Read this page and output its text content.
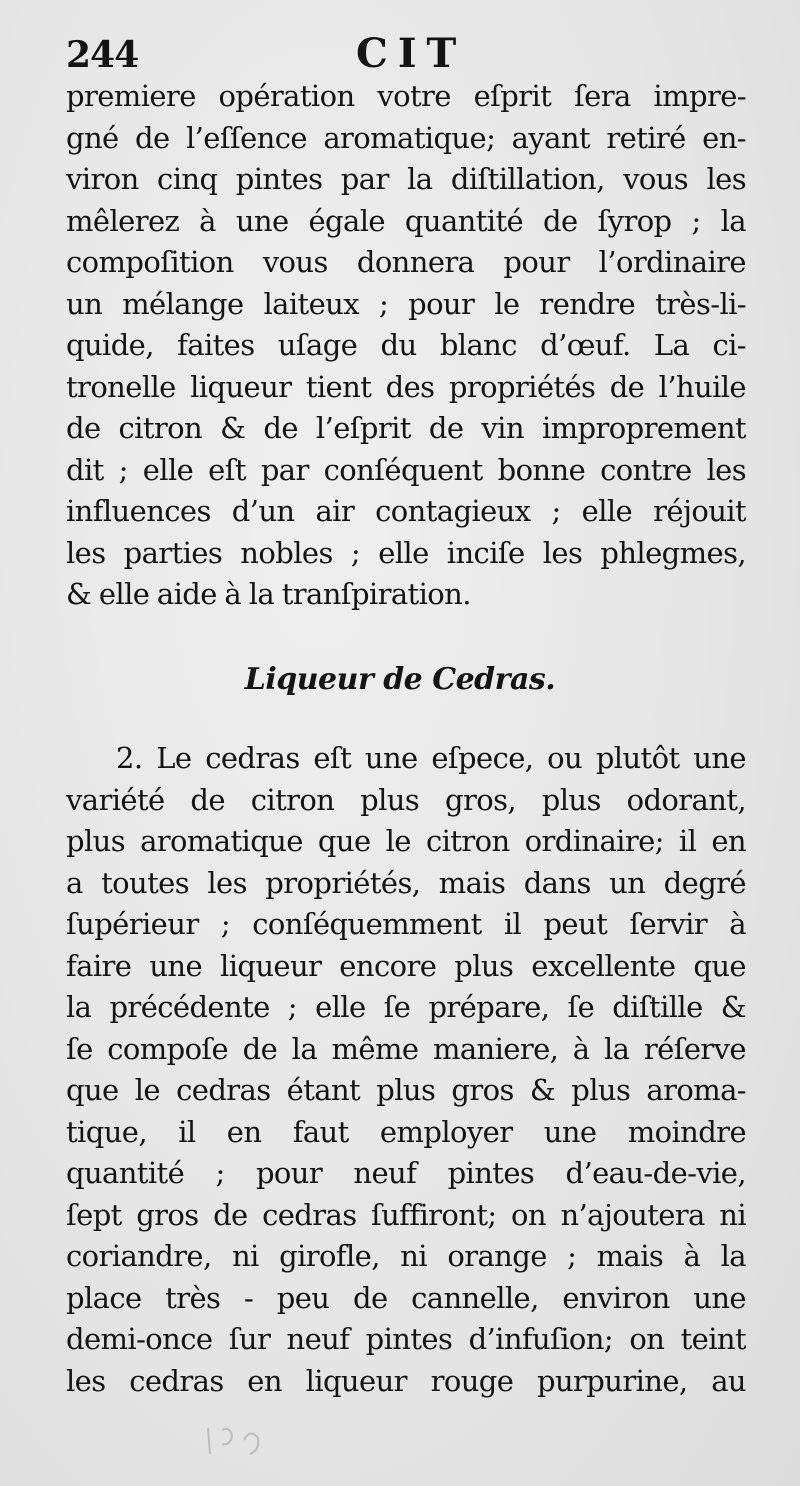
244	CIT
premiere opération votre eſprit ſera impre-
gné de l’eſſence aromatique; ayant retiré en-
viron cinq pintes par la diſtillation, vous les
mêlerez à une égale quantité de ſyrop ; la
compoſition vous donnera pour l’ordinaire
un mélange laiteux ; pour le rendre très-li-
quide, faites uſage du blanc d’œuf. La ci-
tronelle liqueur tient des propriétés de l’huile
de citron & de l’eſprit de vin improprement
dit ; elle eſt par conſéquent bonne contre les
influences d’un air contagieux ; elle réjouit
les parties nobles ; elle inciſe les phlegmes,
& elle aide à la tranſpiration.
Liqueur de Cedras.
2. Le cedras eſt une eſpece, ou plutôt une
variété de citron plus gros, plus odorant,
plus aromatique que le citron ordinaire; il en
a toutes les propriétés, mais dans un degré
ſupérieur ; conſéquemment il peut ſervir à
faire une liqueur encore plus excellente que
la précédente ; elle ſe prépare, ſe diſtille &
ſe compoſe de la même maniere, à la réſerve
que le cedras étant plus gros & plus aroma-
tique, il en faut employer une moindre
quantité ; pour neuf pintes d’eau-de-vie,
ſept gros de cedras ſuffiront; on n’ajoutera ni
coriandre, ni girofle, ni orange ; mais à la
place très - peu de cannelle, environ une
demi-once ſur neuf pintes d’infuſion; on teint
les cedras en liqueur rouge purpurine, au
